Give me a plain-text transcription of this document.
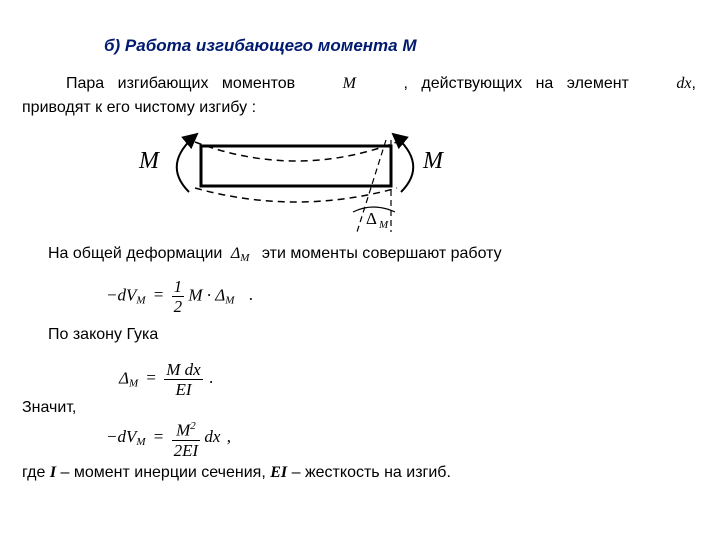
б) Работа изгибающего момента М
Пара изгибающих моментов	M	, действующих на элемент	dx,
приводят к его чистому изгибу :
M	M
Δ M
На общей деформации $\Delta_M$ эти моменты совершают работу
$-dV_M = \frac{1}{2}$ $M \cdot \Delta_M$ .
По закону Гука
$\Delta_M = \frac{\text{M dx}}{EI}$ .
Значит,
$-dV_M = \frac{M^2}{2EI}$ dx ,
где I – момент инерции сечения, EI – жесткость на изгиб.
